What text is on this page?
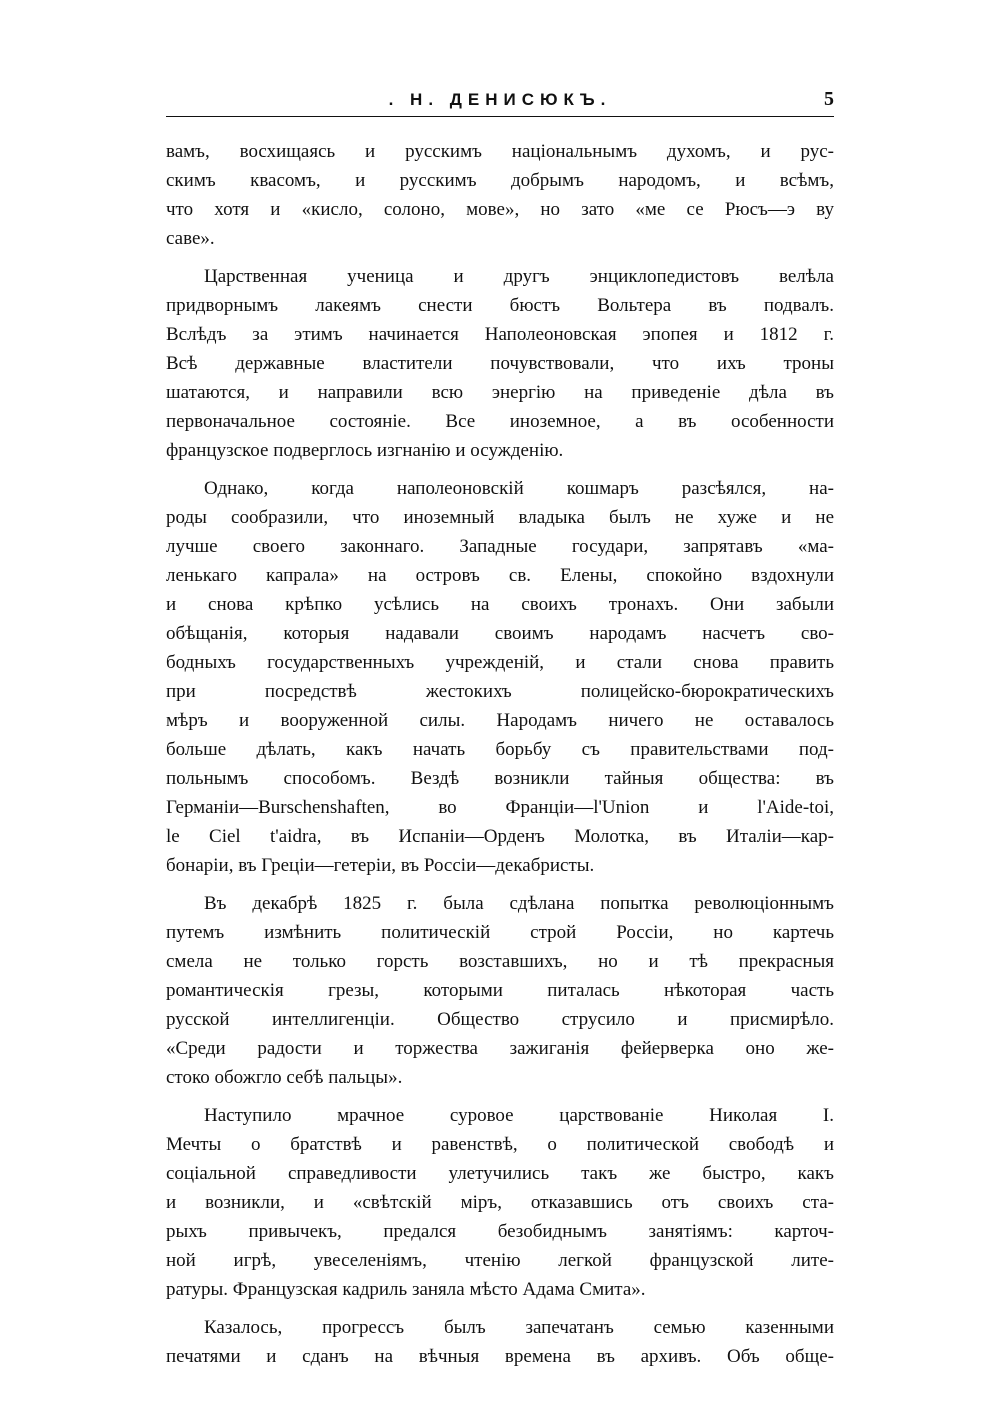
. Н. ДЕНИСЮКЪ.	5
вамъ, восхищаясь и русскимъ національнымъ духомъ, и рус-
скимъ квасомъ, и русскимъ добрымъ народомъ, и всѣмъ,
что хотя и «кисло, солоно, мове», но зато «ме се Рюсъ—э ву
саве».
Царственная ученица и другъ энциклопедистовъ велѣла
придворнымъ лакеямъ снести бюстъ Вольтера въ подвалъ.
Вслѣдъ за этимъ начинается Наполеоновская эпопея и 1812 г.
Всѣ державные властители почувствовали, что ихъ троны
шатаются, и направили всю энергію на приведеніе дѣла въ
первоначальное состояніе. Все иноземное, а въ особенности
французское подверглось изгнанію и осужденію.
Однако, когда наполеоновскій кошмаръ разсѣялся, на-
роды сообразили, что иноземный владыка былъ не хуже и не
лучше своего законнаго. Западные государи, запрятавъ «ма-
ленькаго капрала» на островъ св. Елены, спокойно вздохнули
и снова крѣпко усѣлись на своихъ тронахъ. Они забыли
обѣщанія, которыя надавали своимъ народамъ насчетъ сво-
бодныхъ государственныхъ учрежденій, и стали снова править
при посредствѣ жестокихъ полицейско-бюрократическихъ
мѣръ и вооруженной силы. Народамъ ничего не оставалось
больше дѣлать, какъ начать борьбу съ правительствами под-
польнымъ способомъ. Вездѣ возникли тайныя общества: въ
Германіи—Burschenshaften, во Франціи—l'Union и l'Aide-toi,
le Ciel t'aidra, въ Испаніи—Орденъ Молотка, въ Италіи—кар-
бонаріи, въ Греціи—гетеріи, въ Россіи—декабристы.
Въ декабрѣ 1825 г. была сдѣлана попытка революціоннымъ
путемъ измѣнить политическій строй Россіи, но картечь
смела не только горсть возставшихъ, но и тѣ прекрасныя
романтическія грезы, которыми питалась нѣкоторая часть
русской интеллигенціи. Общество струсило и присмирѣло.
«Среди радости и торжества зажиганія фейерверка оно же-
стоко обожгло себѣ пальцы».
Наступило мрачное суровое царствованіе Николая I.
Мечты о братствѣ и равенствѣ, о политической свободѣ и
соціальной справедливости улетучились такъ же быстро, какъ
и возникли, и «свѣтскій міръ, отказавшись отъ своихъ ста-
рыхъ привычекъ, предался безобиднымъ занятіямъ: карточ-
ной игрѣ, увеселеніямъ, чтенію легкой французской лите-
ратуры. Французская кадриль заняла мѣсто Адама Смита».
Казалось, прогрессъ былъ запечатанъ семью казенными
печатями и сданъ на вѣчныя времена въ архивъ. Объ обще-
